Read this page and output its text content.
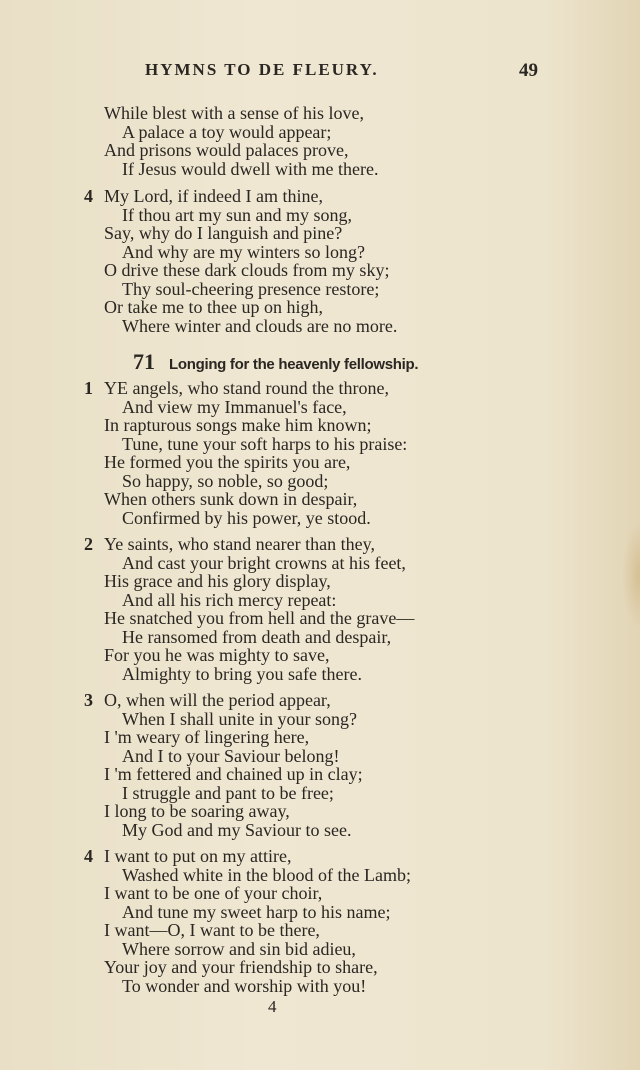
HYMNS TO DE FLEURY.	49
While blest with a sense of his love,
A palace a toy would appear;
And prisons would palaces prove,
If Jesus would dwell with me there.
4 My Lord, if indeed I am thine,
If thou art my sun and my song,
Say, why do I languish and pine?
And why are my winters so long?
O drive these dark clouds from my sky;
Thy soul-cheering presence restore;
Or take me to thee up on high,
Where winter and clouds are no more.
71 Longing for the heavenly fellowship.
1 YE angels, who stand round the throne,
And view my Immanuel's face,
In rapturous songs make him known;
Tune, tune your soft harps to his praise:
He formed you the spirits you are,
So happy, so noble, so good;
When others sunk down in despair,
Confirmed by his power, ye stood.
2 Ye saints, who stand nearer than they,
And cast your bright crowns at his feet,
His grace and his glory display,
And all his rich mercy repeat:
He snatched you from hell and the grave—
He ransomed from death and despair,
For you he was mighty to save,
Almighty to bring you safe there.
3 O, when will the period appear,
When I shall unite in your song?
I 'm weary of lingering here,
And I to your Saviour belong!
I 'm fettered and chained up in clay;
I struggle and pant to be free;
I long to be soaring away,
My God and my Saviour to see.
4 I want to put on my attire,
Washed white in the blood of the Lamb;
I want to be one of your choir,
And tune my sweet harp to his name;
I want—O, I want to be there,
Where sorrow and sin bid adieu,
Your joy and your friendship to share,
To wonder and worship with you!
4
